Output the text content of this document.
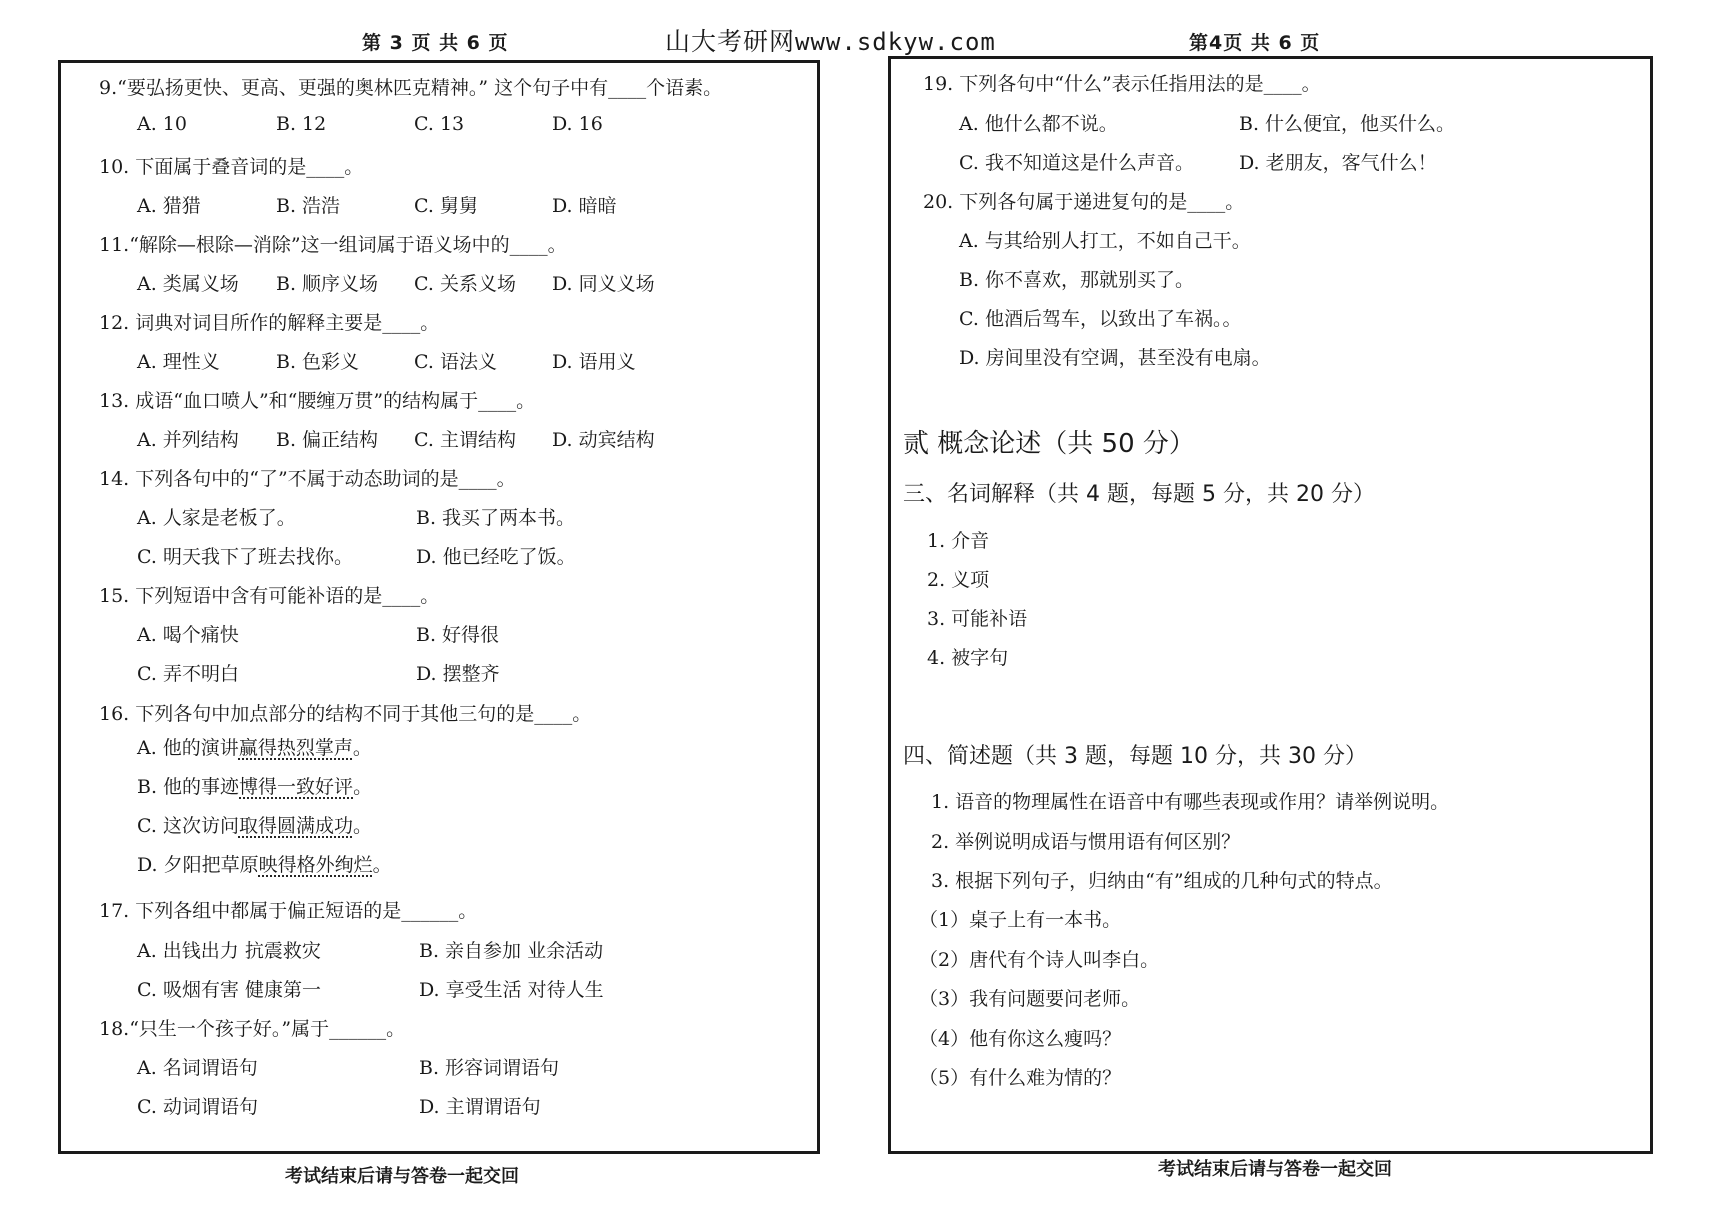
第 3 页 共 6 页	山大考研网www.sdkyw.com	第4页 共 6 页
9.“要弘扬更快、更高、更强的奥林匹克精神。” 这个句子中有____个语素。
A. 10	B. 12	C. 13	D. 16
10. 下面属于叠音词的是____。
A. 猎猎	B. 浩浩	C. 舅舅	D. 暗暗
11.“解除—根除—消除”这一组词属于语义场中的____。
A. 类属义场 B. 顺序义场 C. 关系义场 D. 同义义场
12. 词典对词目所作的解释主要是____。
A. 理性义	B. 色彩义	C. 语法义	D. 语用义
13. 成语“血口喷人”和“腰缠万贯”的结构属于____。
A. 并列结构 B. 偏正结构 C. 主谓结构 D. 动宾结构
14. 下列各句中的“了”不属于动态助词的是____。
A. 人家是老板了。	B. 我买了两本书。
C. 明天我下了班去找你。	D. 他已经吃了饭。
15. 下列短语中含有可能补语的是____。
A. 喝个痛快	B. 好得很
C. 弄不明白	D. 摆整齐
16. 下列各句中加点部分的结构不同于其他三句的是____。
A. 他的演讲赢得热烈掌声。
B. 他的事迹博得一致好评。
C. 这次访问取得圆满成功。
D. 夕阳把草原映得格外绚烂。
17. 下列各组中都属于偏正短语的是______。
A. 出钱出力 抗震救灾	B. 亲自参加 业余活动
C. 吸烟有害 健康第一	D. 享受生活 对待人生
18.“只生一个孩子好。”属于______。
A. 名词谓语句	B. 形容词谓语句
C. 动词谓语句	D. 主谓谓语句
19. 下列各句中“什么”表示任指用法的是____。
A. 他什么都不说。	B. 什么便宜，他买什么。
C. 我不知道这是什么声音。 D. 老朋友，客气什么！
20. 下列各句属于递进复句的是____。
A. 与其给别人打工，不如自己干。
B. 你不喜欢，那就别买了。
C. 他酒后驾车，以致出了车祸。。
D. 房间里没有空调，甚至没有电扇。
贰 概念论述（共 50 分）
三、名词解释（共 4 题，每题 5 分，共 20 分）
1. 介音
2. 义项
3. 可能补语
4. 被字句
四、简述题（共 3 题，每题 10 分，共 30 分）
1. 语音的物理属性在语音中有哪些表现或作用？请举例说明。
2. 举例说明成语与惯用语有何区别？
3. 根据下列句子，归纳由“有”组成的几种句式的特点。
（1）桌子上有一本书。
（2）唐代有个诗人叫李白。
（3）我有问题要问老师。
（4）他有你这么瘦吗？
（5）有什么难为情的？
考试结束后请与答卷一起交回	考试结束后请与答卷一起交回
